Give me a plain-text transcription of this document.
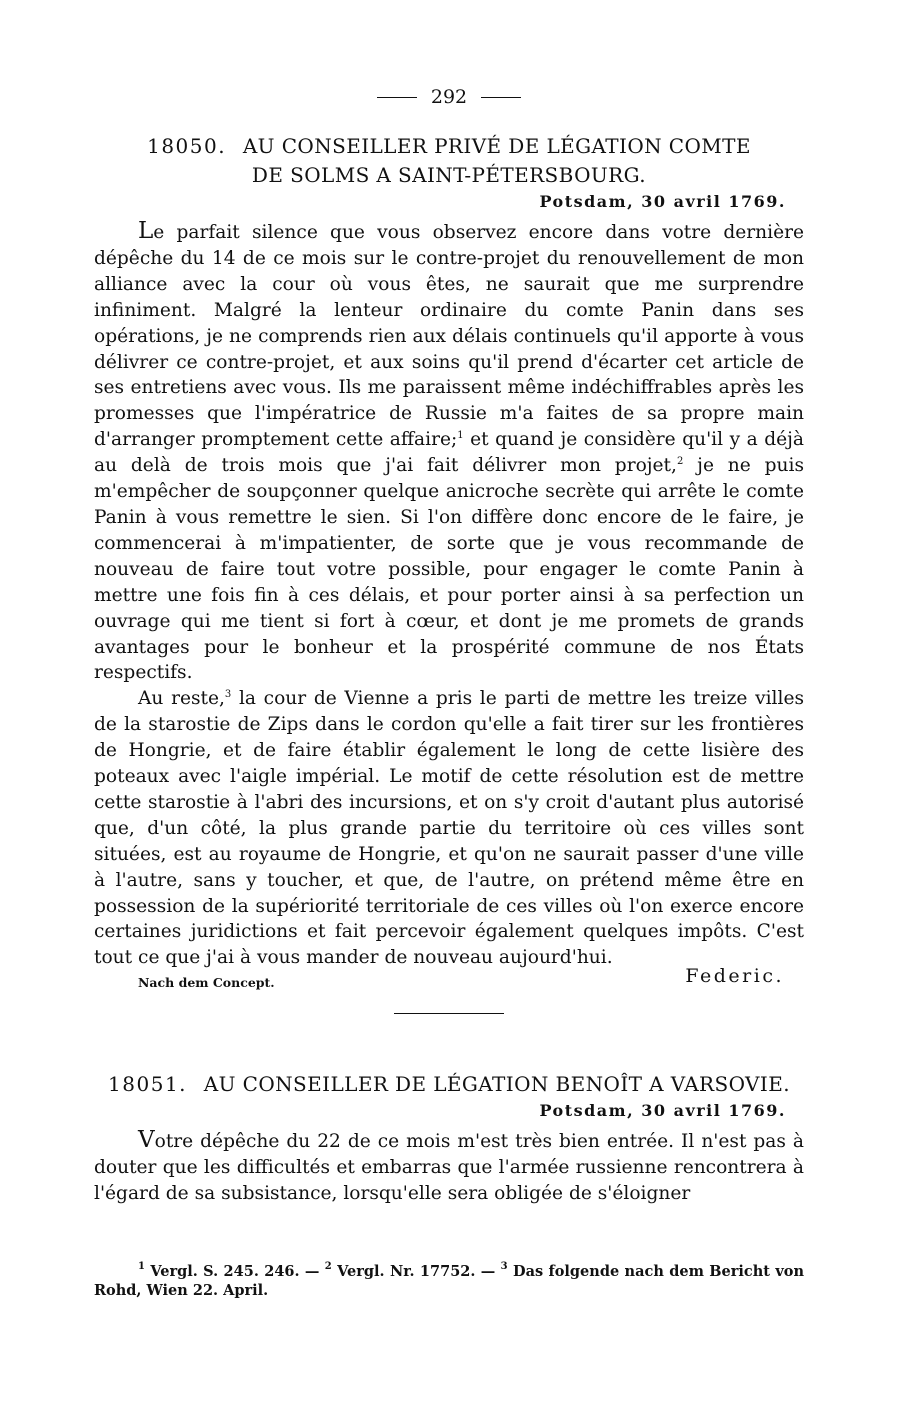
292
18050. AU CONSEILLER PRIVÉ DE LÉGATION COMTE
DE SOLMS A SAINT-PÉTERSBOURG.
Potsdam, 30 avril 1769.

Le parfait silence que vous observez encore dans votre dernière dépêche du 14 de ce mois sur le contre-projet du renouvellement de mon alliance avec la cour où vous êtes, ne saurait que me surprendre infiniment. Malgré la lenteur ordinaire du comte Panin dans ses opérations, je ne comprends rien aux délais continuels qu'il apporte à vous délivrer ce contre-projet, et aux soins qu'il prend d'écarter cet article de ses entretiens avec vous. Ils me paraissent même indéchiffrables après les promesses que l'impératrice de Russie m'a faites de sa propre main d'arranger promptement cette affaire;$^1$ et quand je considère qu'il y a déjà au delà de trois mois que j'ai fait délivrer mon projet,$^2$ je ne puis m'empêcher de soupçonner quelque anicroche secrète qui arrête le comte Panin à vous remettre le sien. Si l'on diffère donc encore de le faire, je commencerai à m'impatienter, de sorte que je vous recommande de nouveau de faire tout votre possible, pour engager le comte Panin à mettre une fois fin à ces délais, et pour porter ainsi à sa perfection un ouvrage qui me tient si fort à cœur, et dont je me promets de grands avantages pour le bonheur et la prospérité commune de nos États respectifs.

Au reste,$^3$ la cour de Vienne a pris le parti de mettre les treize villes de la starostie de Zips dans le cordon qu'elle a fait tirer sur les frontières de Hongrie, et de faire établir également le long de cette lisière des poteaux avec l'aigle impérial. Le motif de cette résolution est de mettre cette starostie à l'abri des incursions, et on s'y croit d'autant plus autorisé que, d'un côté, la plus grande partie du territoire où ces villes sont situées, est au royaume de Hongrie, et qu'on ne saurait passer d'une ville à l'autre, sans y toucher, et que, de l'autre, on prétend même être en possession de la supériorité territoriale de ces villes où l'on exerce encore certaines juridictions et fait percevoir également quelques impôts. C'est tout ce que j'ai à vous mander de nouveau aujourd'hui.

Federic.
Nach dem Concept.
18051. AU CONSEILLER DE LÉGATION BENOÎT A VARSOVIE.
Potsdam, 30 avril 1769.

Votre dépêche du 22 de ce mois m'est très bien entrée. Il n'est pas à douter que les difficultés et embarras que l'armée russienne rencontrera à l'égard de sa subsistance, lorsqu'elle sera obligée de s'éloigner

$^1$ Vergl. S. 245. 246. — $^2$ Vergl. Nr. 17752. — $^3$ Das folgende nach dem Bericht von Rohd, Wien 22. April.
